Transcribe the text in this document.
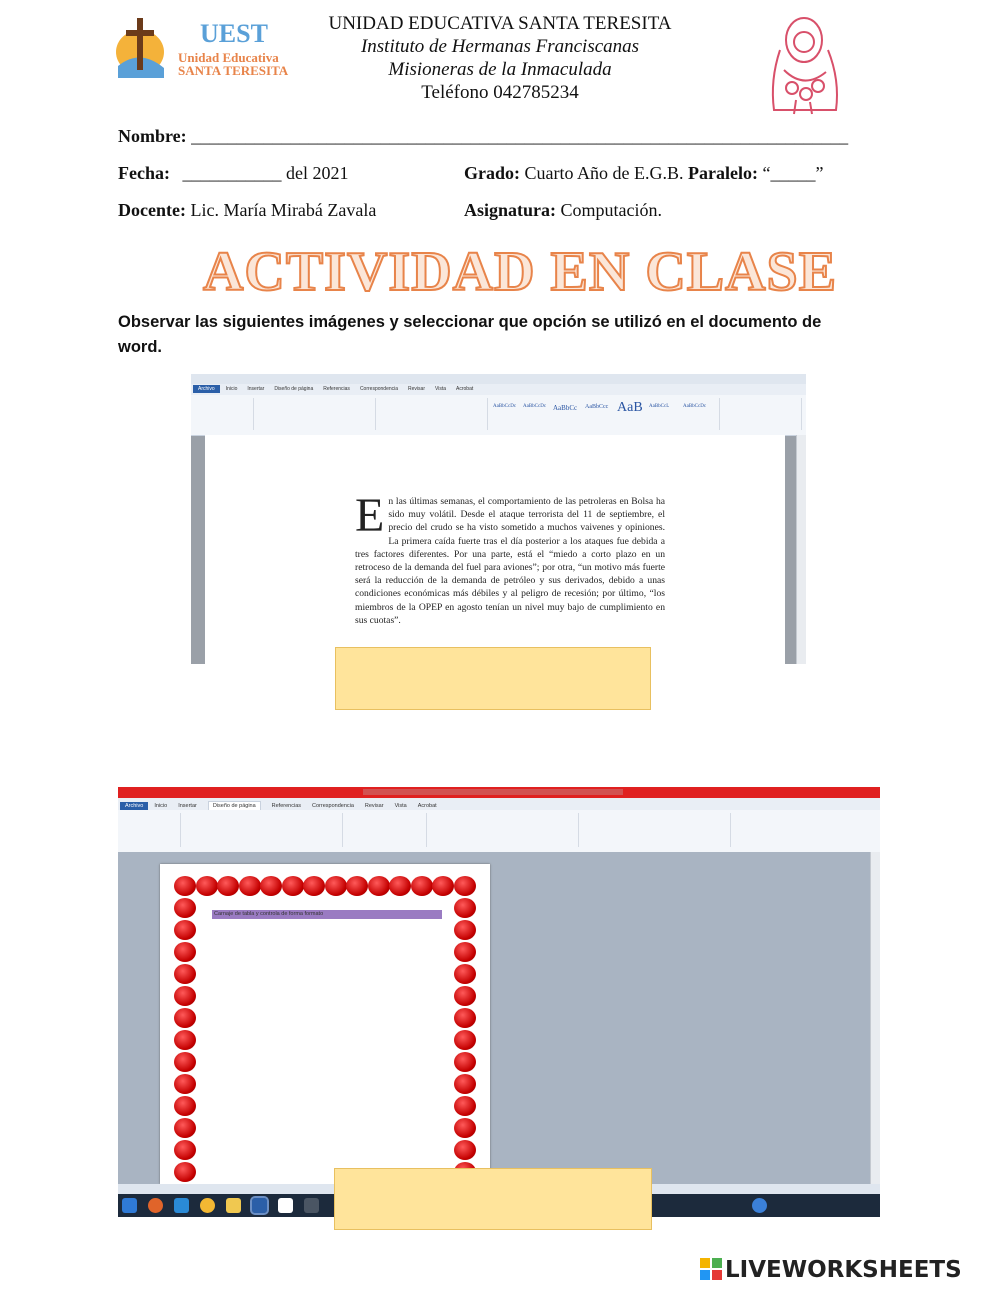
UEST
Unidad Educativa
SANTA TERESITA
UNIDAD EDUCATIVA SANTA TERESITA
Instituto de Hermanas Franciscanas
Misioneras de la Inmaculada
Teléfono 042785234
Nombre: _________________________________________________________________________
Fecha: ___________ del 2021	Grado: Cuarto Año de E.G.B. Paralelo: “_____”
Docente: Lic. María Mirabá Zavala	Asignatura: Computación.
ACTIVIDAD EN CLASE
Observar las siguientes imágenes y seleccionar que opción se utilizó en el documento de word.
Archivo Inicio Insertar Diseño de página Referencias Correspondencia Revisar Vista Acrobat
AaBbCcDc AaBbCcDc AaBbCc AaBbCcc AaB AaBbCcL	AaBbCcDc
En las últimas semanas, el comportamiento de las petroleras en Bolsa ha sido muy volátil. Desde el ataque terrorista del 11 de septiembre, el precio del crudo se ha visto sometido a muchos vaivenes y opiniones. La primera caída fuerte tras el día posterior a los ataques fue debida a tres factores diferentes. Por una parte, está el “miedo a corto plazo en un retroceso de la demanda del fuel para aviones”; por otra, “un motivo más fuerte será la reducción de la demanda de petróleo y sus derivados, debido a unas condiciones económicas más débiles y al peligro de recesión; por último, “los miembros de la OPEP en agosto tenían un nivel muy bajo de cumplimiento en sus cuotas”.
Archivo Inicio Insertar	Diseño de página	Referencias Correspondencia Revisar Vista Acrobat
Carnaje de tabla y controla de forma formato
LIVEWORKSHEETS
